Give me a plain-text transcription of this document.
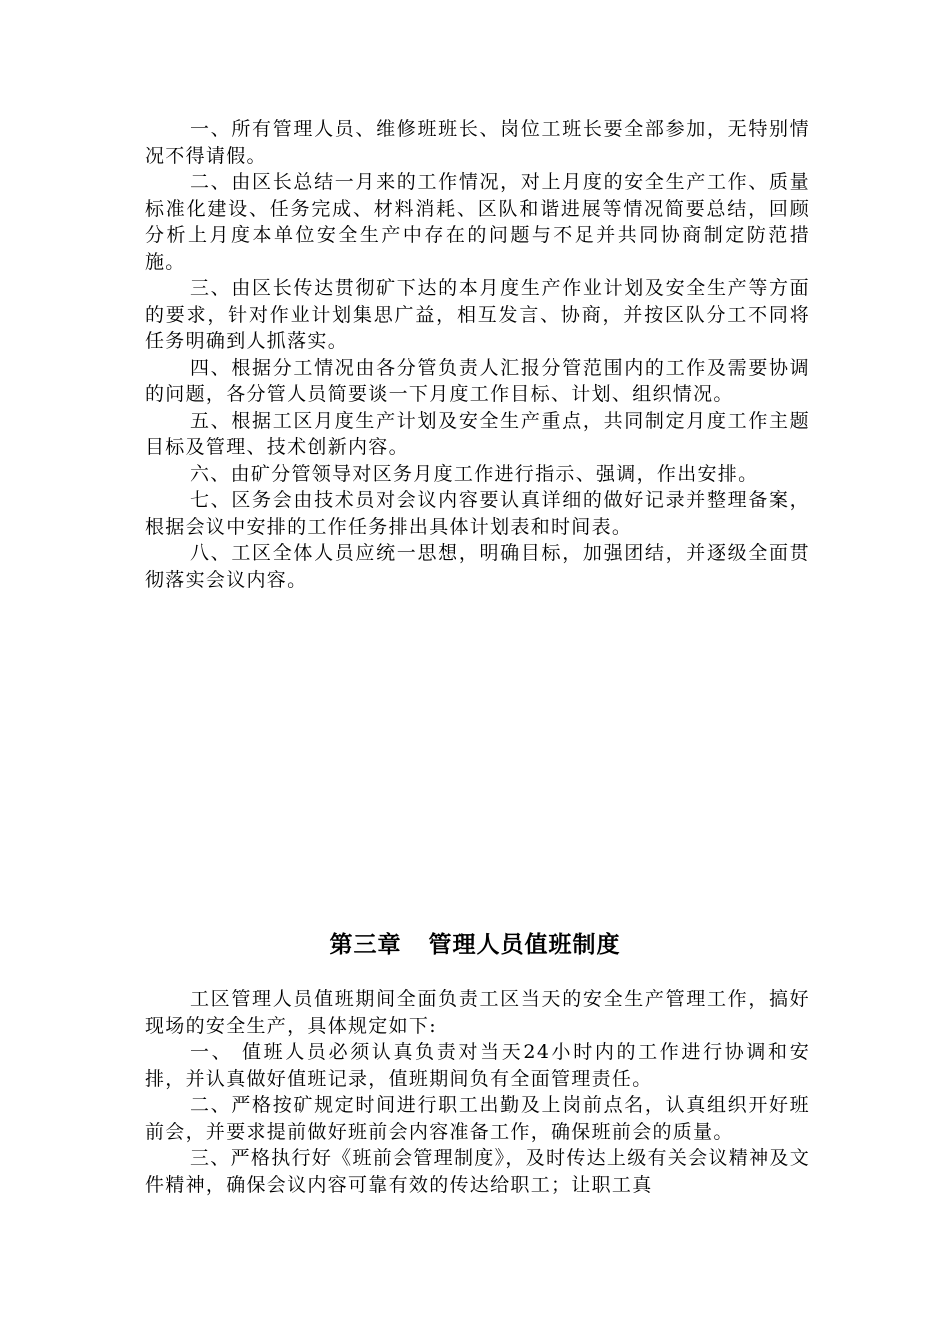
一、所有管理人员、维修班班长、岗位工班长要全部参加，无特别情况不得请假。

二、由区长总结一月来的工作情况，对上月度的安全生产工作、质量标准化建设、任务完成、材料消耗、区队和谐进展等情况简要总结，回顾分析上月度本单位安全生产中存在的问题与不足并共同协商制定防范措施。

三、由区长传达贯彻矿下达的本月度生产作业计划及安全生产等方面的要求，针对作业计划集思广益，相互发言、协商，并按区队分工不同将任务明确到人抓落实。

四、根据分工情况由各分管负责人汇报分管范围内的工作及需要协调的问题，各分管人员简要谈一下月度工作目标、计划、组织情况。

五、根据工区月度生产计划及安全生产重点，共同制定月度工作主题目标及管理、技术创新内容。

六、由矿分管领导对区务月度工作进行指示、强调，作出安排。

七、区务会由技术员对会议内容要认真详细的做好记录并整理备案，根据会议中安排的工作任务排出具体计划表和时间表。

八、工区全体人员应统一思想，明确目标，加强团结，并逐级全面贯彻落实会议内容。

第三章   管理人员值班制度

工区管理人员值班期间全面负责工区当天的安全生产管理工作，搞好现场的安全生产，具体规定如下:

一、 值班人员必须认真负责对当天24小时内的工作进行协调和安排，并认真做好值班记录，值班期间负有全面管理责任。

二、严格按矿规定时间进行职工出勤及上岗前点名，认真组织开好班前会，并要求提前做好班前会内容准备工作，确保班前会的质量。

三、严格执行好《班前会管理制度》，及时传达上级有关会议精神及文件精神，确保会议内容可靠有效的传达给职工；让职工真
